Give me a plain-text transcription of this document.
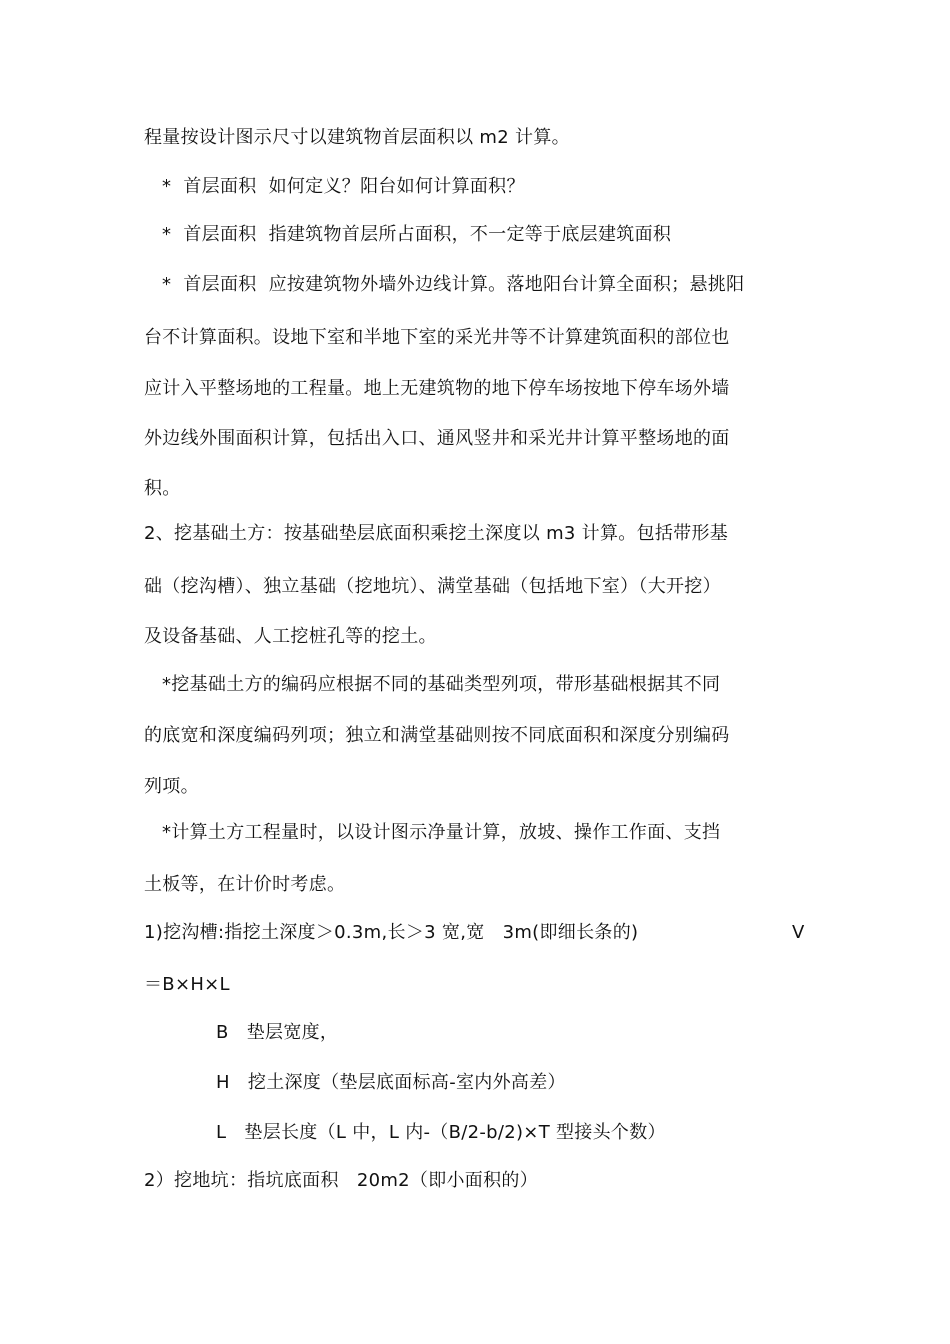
程量按设计图示尺寸以建筑物首层面积以 m2 计算。
*  首层面积  如何定义？阳台如何计算面积？
*  首层面积  指建筑物首层所占面积，不一定等于底层建筑面积
*  首层面积  应按建筑物外墙外边线计算。落地阳台计算全面积；悬挑阳
台不计算面积。设地下室和半地下室的采光井等不计算建筑面积的部位也
应计入平整场地的工程量。地上无建筑物的地下停车场按地下停车场外墙
外边线外围面积计算，包括出入口、通风竖井和采光井计算平整场地的面
积。
2、挖基础土方：按基础垫层底面积乘挖土深度以 m3 计算。包括带形基
础（挖沟槽）、独立基础（挖地坑）、满堂基础（包括地下室）（大开挖）
及设备基础、人工挖桩孔等的挖土。
*挖基础土方的编码应根据不同的基础类型列项，带形基础根据其不同
的底宽和深度编码列项；独立和满堂基础则按不同底面积和深度分别编码
列项。
*计算土方工程量时，以设计图示净量计算，放坡、操作工作面、支挡
土板等，在计价时考虑。
1)挖沟槽:指挖土深度＞0.3m,长＞3 宽,宽   3m(即细长条的)	V
＝B×H×L
B   垫层宽度，
H   挖土深度（垫层底面标高-室内外高差）
L   垫层长度（L 中，L 内-（B/2-b/2)×T 型接头个数）
2）挖地坑：指坑底面积   20m2（即小面积的）
